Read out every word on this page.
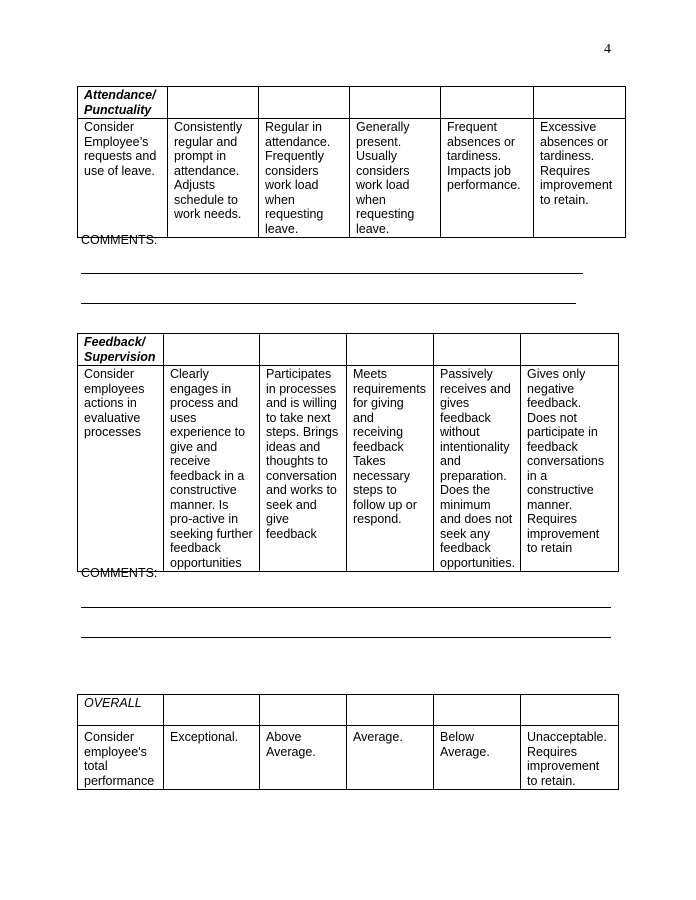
4
Attendance/ Punctuality					
Consider Employee’s requests and use of leave.	Consistently regular and prompt in attendance. Adjusts schedule to work needs.	Regular in attendance. Frequently considers work load when requesting leave.	Generally present. Usually considers work load when requesting leave.	Frequent absences or tardiness. Impacts job performance.	Excessive absences or tardiness. Requires improvement to retain.
COMMENTS:
Feedback/ Supervision					
Consider employees actions in evaluative processes	Clearly engages in process and uses experience to give and receive feedback in a constructive manner. Is pro-active in seeking further feedback opportunities	Participates in processes and is willing to take next steps. Brings ideas and thoughts to conversation and works to seek and give feedback	Meets requirements for giving and receiving feedback Takes necessary steps to follow up or respond.	Passively receives and gives feedback without intentionality and preparation. Does the minimum and does not seek any feedback opportunities.	Gives only negative feedback. Does not participate in feedback conversations in a constructive manner. Requires improvement to retain
COMMENTS:
OVERALL					
Consider employee's total performance	Exceptional.	Above Average.	Average.	Below Average.	Unacceptable. Requires improvement to retain.
